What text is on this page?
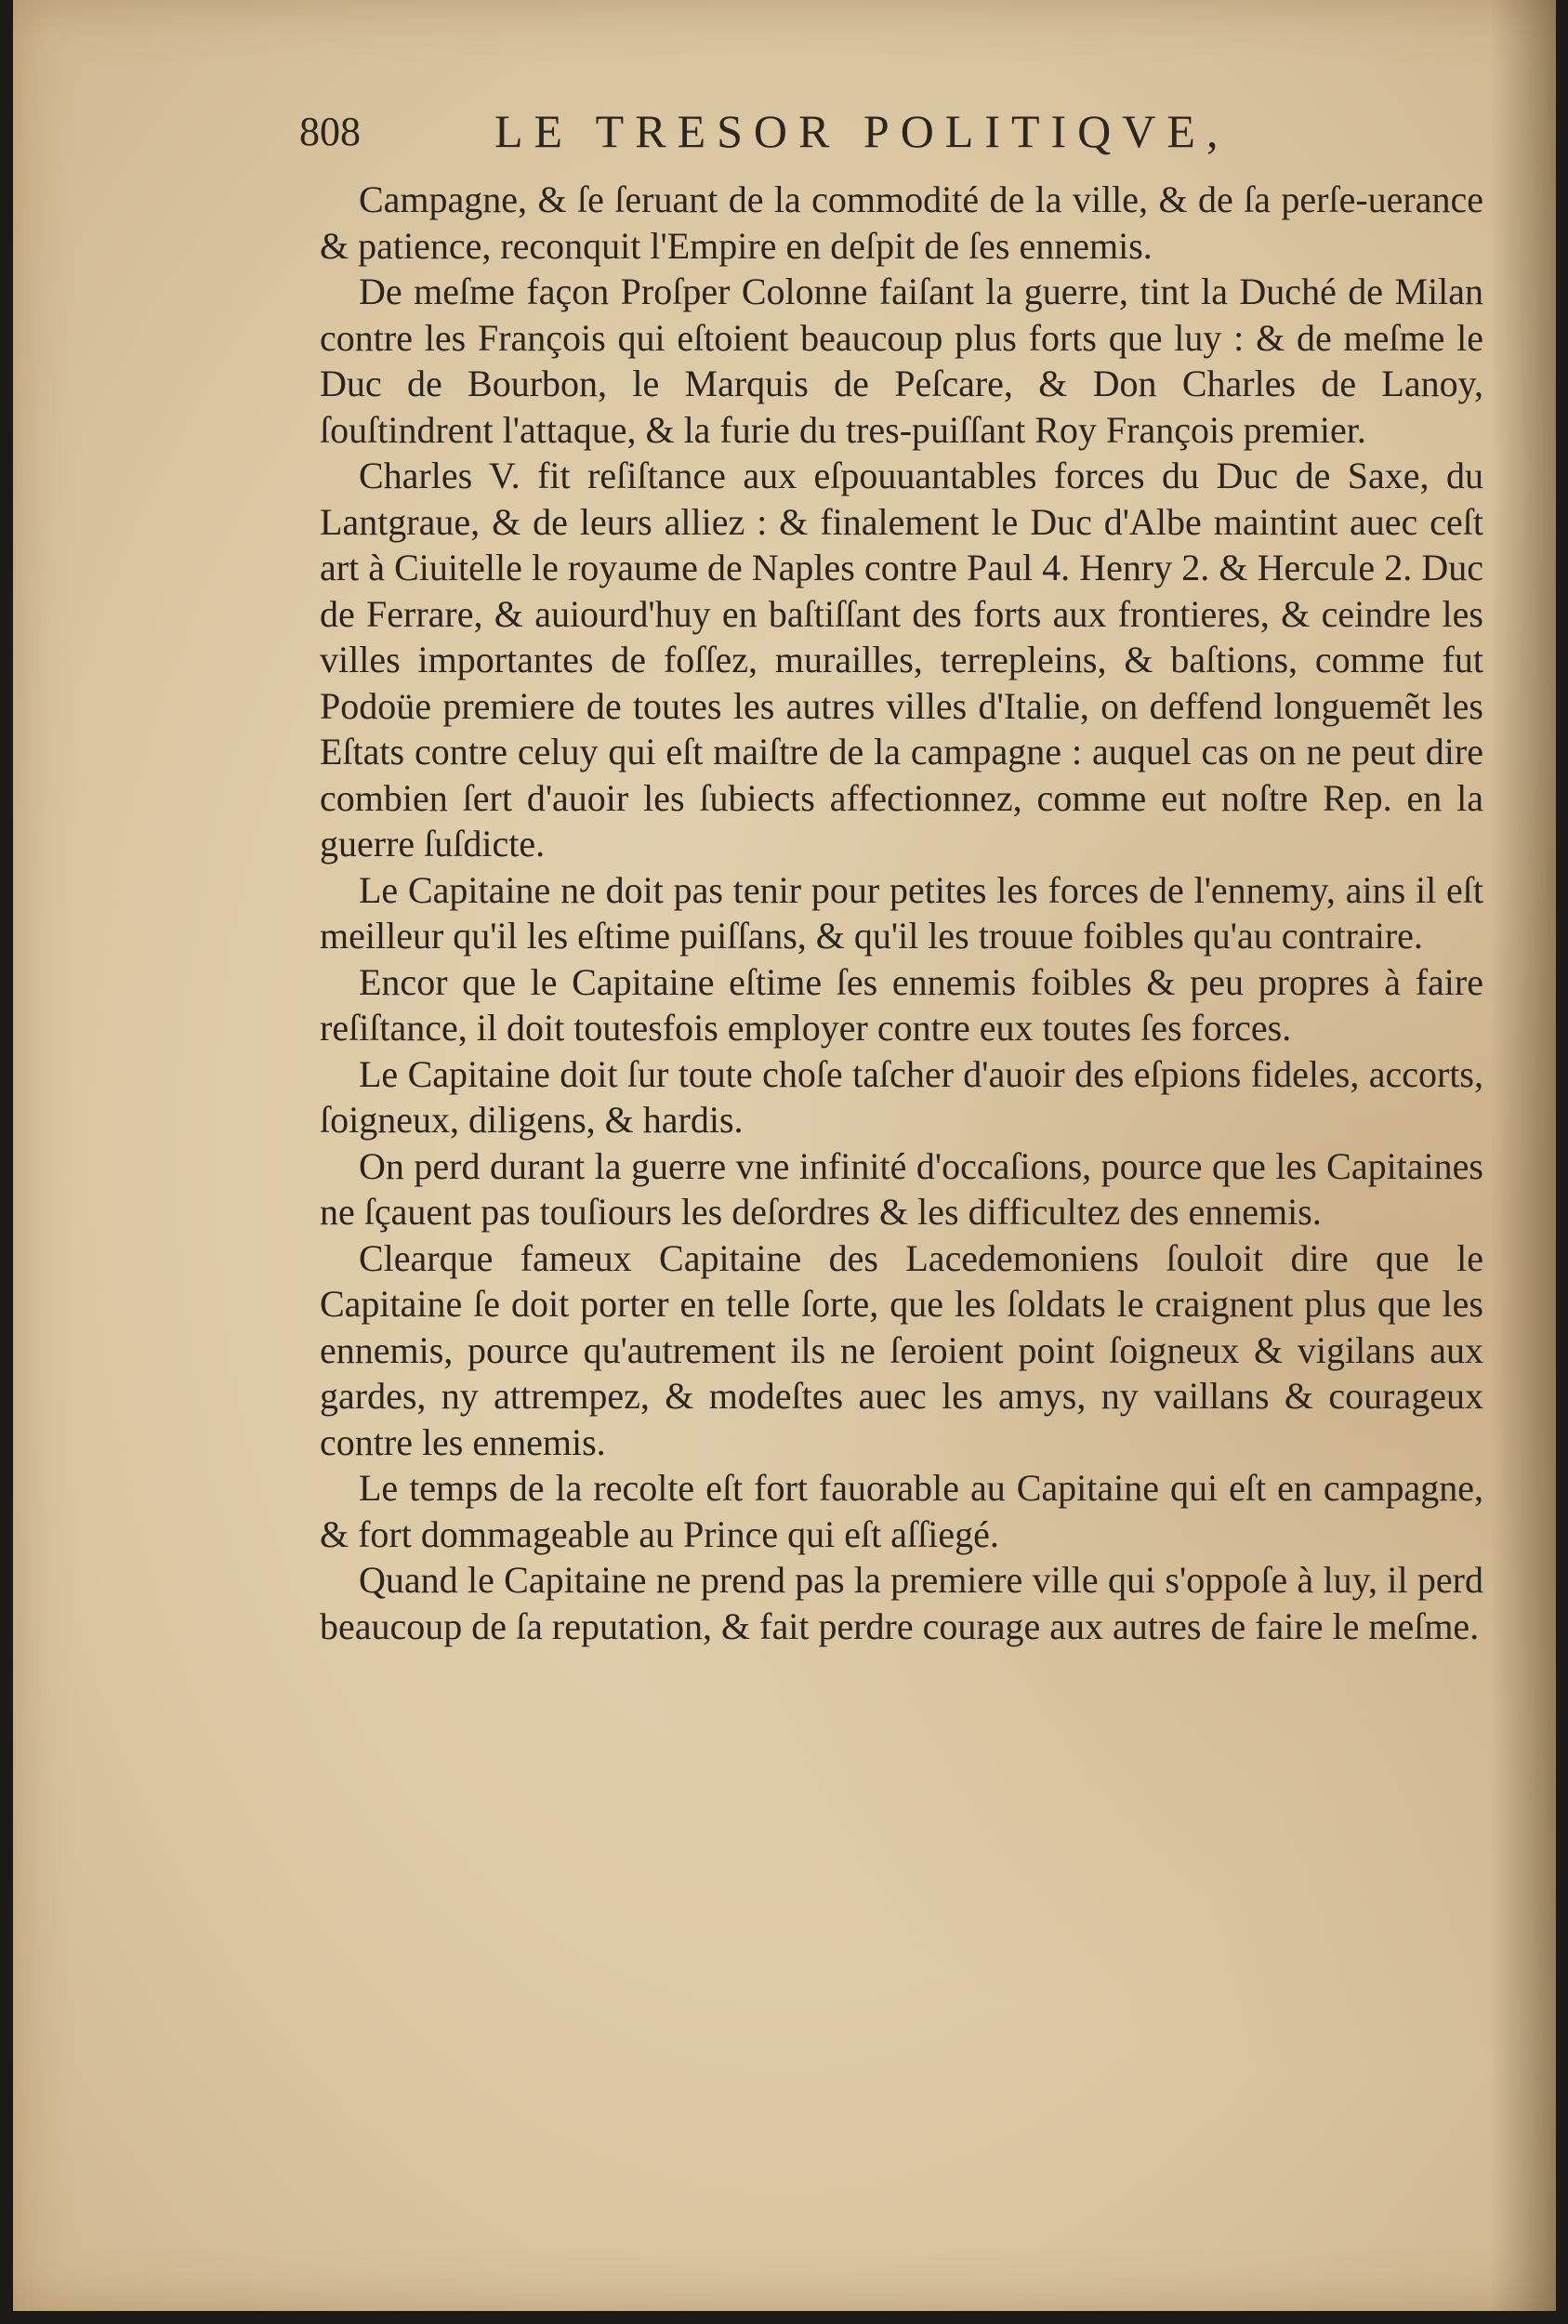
808	LE TRESOR POLITIQVE,

Campagne, & ſe ſeruant de la commodité de la ville, & de ſa perſe-uerance & patience, reconquit l'Empire en deſpit de ſes ennemis.

De meſme façon Proſper Colonne faiſant la guerre, tint la Duché de Milan contre les François qui eſtoient beaucoup plus forts que luy : & de meſme le Duc de Bourbon, le Marquis de Peſcare, & Don Charles de Lanoy, ſouſtindrent l'attaque, & la furie du tres-puiſſant Roy François premier.

Charles V. fit reſiſtance aux eſpouuantables forces du Duc de Saxe, du Lantgraue, & de leurs alliez : & finalement le Duc d'Albe maintint auec ceſt art à Ciuitelle le royaume de Naples contre Paul 4. Henry 2. & Hercule 2. Duc de Ferrare, & auiourd'huy en baſtiſſant des forts aux frontieres, & ceindre les villes importantes de foſſez, murailles, terrepleins, & baſtions, comme fut Podoüe premiere de toutes les autres villes d'Italie, on deffend longuemẽt les Eſtats contre celuy qui eſt maiſtre de la campagne : auquel cas on ne peut dire combien ſert d'auoir les ſubiects affectionnez, comme eut noſtre Rep. en la guerre ſuſdicte.

Le Capitaine ne doit pas tenir pour petites les forces de l'ennemy, ains il eſt meilleur qu'il les eſtime puiſſans, & qu'il les trouue foibles qu'au contraire.

Encor que le Capitaine eſtime ſes ennemis foibles & peu propres à faire reſiſtance, il doit toutesfois employer contre eux toutes ſes forces.

Le Capitaine doit ſur toute choſe taſcher d'auoir des eſpions fideles, accorts, ſoigneux, diligens, & hardis.

On perd durant la guerre vne infinité d'occaſions, pource que les Capitaines ne ſçauent pas touſiours les deſordres & les difficultez des ennemis.

Clearque fameux Capitaine des Lacedemoniens ſouloit dire que le Capitaine ſe doit porter en telle ſorte, que les ſoldats le craignent plus que les ennemis, pource qu'autrement ils ne ſeroient point ſoigneux & vigilans aux gardes, ny attrempez, & modeſtes auec les amys, ny vaillans & courageux contre les ennemis.

Le temps de la recolte eſt fort fauorable au Capitaine qui eſt en campagne, & fort dommageable au Prince qui eſt aſſiegé.

Quand le Capitaine ne prend pas la premiere ville qui s'oppoſe à luy, il perd beaucoup de ſa reputation, & fait perdre courage aux autres de faire le meſme.
